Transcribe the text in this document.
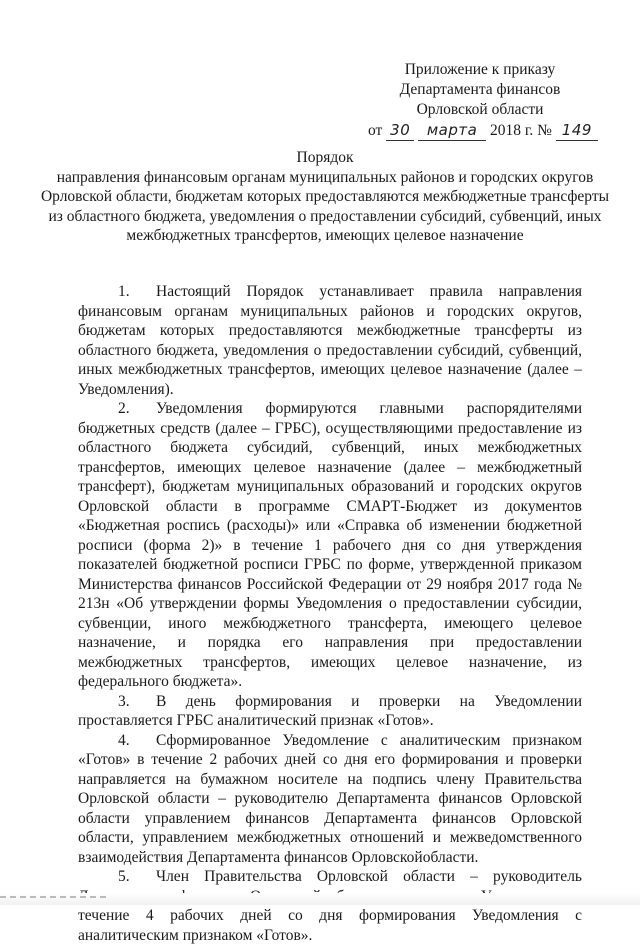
Приложение к приказу
Департамента финансов
Орловской области
от 30 марта 2018 г. № 149
Порядок
направления финансовым органам муниципальных районов и городских округов Орловской области, бюджетам которых предоставляются межбюджетные трансферты из областного бюджета, уведомления о предоставлении субсидий, субвенций, иных межбюджетных трансфертов, имеющих целевое назначение

1. Настоящий Порядок устанавливает правила направления финансовым органам муниципальных районов и городских округов, бюджетам которых предоставляются межбюджетные трансферты из областного бюджета, уведомления о предоставлении субсидий, субвенций, иных межбюджетных трансфертов, имеющих целевое назначение (далее – Уведомления).

2. Уведомления формируются главными распорядителями бюджетных средств (далее – ГРБС), осуществляющими предоставление из областного бюджета субсидий, субвенций, иных межбюджетных трансфертов, имеющих целевое назначение (далее – межбюджетный трансферт), бюджетам муниципальных образований и городских округов Орловской области в программе СМАРТ-Бюджет из документов «Бюджетная роспись (расходы)» или «Справка об изменении бюджетной росписи (форма 2)» в течение 1 рабочего дня со дня утверждения показателей бюджетной росписи ГРБС по форме, утвержденной приказом Министерства финансов Российской Федерации от 29 ноября 2017 года № 213н «Об утверждении формы Уведомления о предоставлении субсидии, субвенции, иного межбюджетного трансферта, имеющего целевое назначение, и порядка его направления при предоставлении межбюджетных трансфертов, имеющих целевое назначение, из федерального бюджета».

3. В день формирования и проверки на Уведомлении проставляется ГРБС аналитический признак «Готов».

4. Сформированное Уведомление с аналитическим признаком «Готов» в течение 2 рабочих дней со дня его формирования и проверки направляется на бумажном носителе на подпись члену Правительства Орловской области – руководителю Департамента финансов Орловской области управлением финансов Департамента финансов Орловской области, управлением межбюджетных отношений и межведомственного взаимодействия Департамента финансов Орловскойобласти.

5. Член Правительства Орловской области – руководитель течение 4 рабочих дней со дня формирования Уведомления с аналитическим признаком «Готов».
